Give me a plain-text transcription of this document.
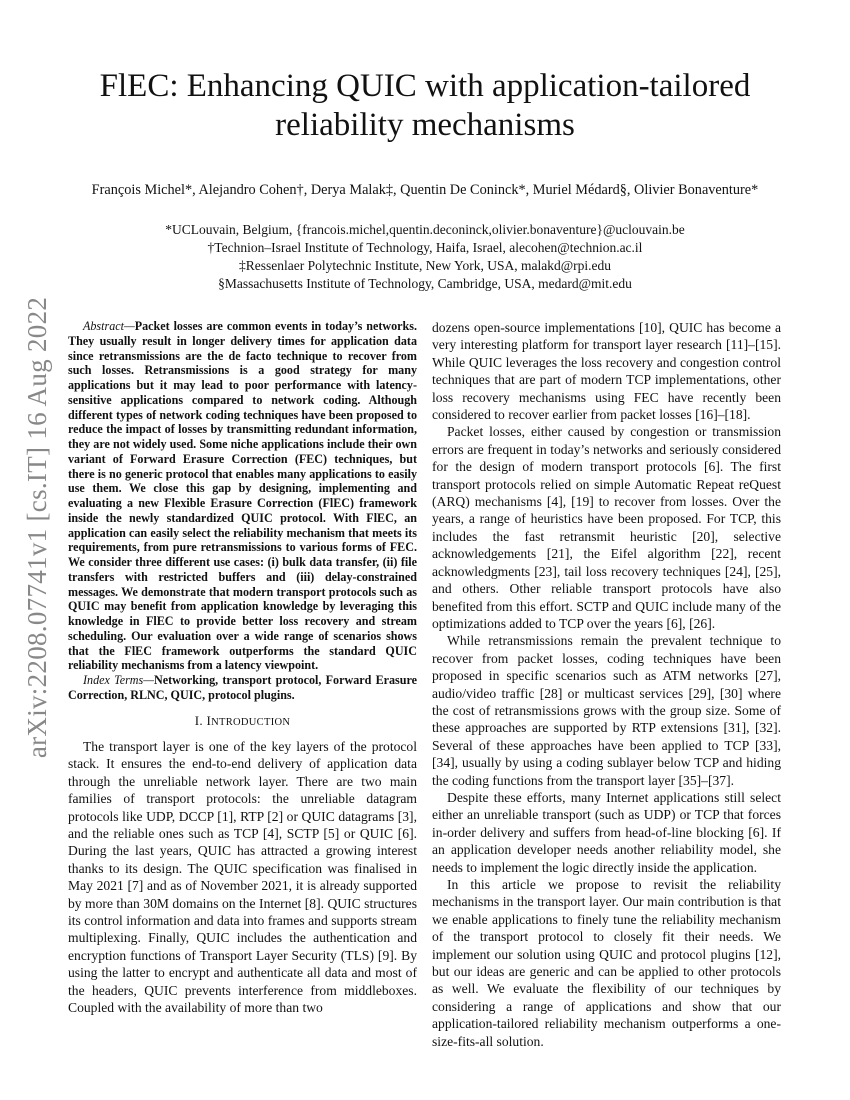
arXiv:2208.07741v1 [cs.IT] 16 Aug 2022
FlEC: Enhancing QUIC with application-tailored reliability mechanisms
François Michel*, Alejandro Cohen†, Derya Malak‡, Quentin De Coninck*, Muriel Médard§, Olivier Bonaventure*
*UCLouvain, Belgium, {francois.michel,quentin.deconinck,olivier.bonaventure}@uclouvain.be
†Technion–Israel Institute of Technology, Haifa, Israel, alecohen@technion.ac.il
‡Ressenlaer Polytechnic Institute, New York, USA, malakd@rpi.edu
§Massachusetts Institute of Technology, Cambridge, USA, medard@mit.edu

Abstract—Packet losses are common events in today’s networks. They usually result in longer delivery times for application data since retransmissions are the de facto technique to recover from such losses. Retransmissions is a good strategy for many applications but it may lead to poor performance with latency-sensitive applications compared to network coding. Although different types of network coding techniques have been proposed to reduce the impact of losses by transmitting redundant information, they are not widely used. Some niche applications include their own variant of Forward Erasure Correction (FEC) techniques, but there is no generic protocol that enables many applications to easily use them. We close this gap by designing, implementing and evaluating a new Flexible Erasure Correction (FlEC) framework inside the newly standardized QUIC protocol. With FlEC, an application can easily select the reliability mechanism that meets its requirements, from pure retransmissions to various forms of FEC. We consider three different use cases: (i) bulk data transfer, (ii) file transfers with restricted buffers and (iii) delay-constrained messages. We demonstrate that modern transport protocols such as QUIC may benefit from application knowledge by leveraging this knowledge in FlEC to provide better loss recovery and stream scheduling. Our evaluation over a wide range of scenarios shows that the FlEC framework outperforms the standard QUIC reliability mechanisms from a latency viewpoint.

Index Terms—Networking, transport protocol, Forward Erasure Correction, RLNC, QUIC, protocol plugins.

I. INTRODUCTION

The transport layer is one of the key layers of the protocol stack. It ensures the end-to-end delivery of application data through the unreliable network layer. There are two main families of transport protocols: the unreliable datagram protocols like UDP, DCCP [1], RTP [2] or QUIC datagrams [3], and the reliable ones such as TCP [4], SCTP [5] or QUIC [6]. During the last years, QUIC has attracted a growing interest thanks to its design. The QUIC specification was finalised in May 2021 [7] and as of November 2021, it is already supported by more than 30M domains on the Internet [8]. QUIC structures its control information and data into frames and supports stream multiplexing. Finally, QUIC includes the authentication and encryption functions of Transport Layer Security (TLS) [9]. By using the latter to encrypt and authenticate all data and most of the headers, QUIC prevents interference from middleboxes. Coupled with the availability of more than two

dozens open-source implementations [10], QUIC has become a very interesting platform for transport layer research [11]–[15]. While QUIC leverages the loss recovery and congestion control techniques that are part of modern TCP implementations, other loss recovery mechanisms using FEC have recently been considered to recover earlier from packet losses [16]–[18].

Packet losses, either caused by congestion or transmission errors are frequent in today’s networks and seriously considered for the design of modern transport protocols [6]. The first transport protocols relied on simple Automatic Repeat reQuest (ARQ) mechanisms [4], [19] to recover from losses. Over the years, a range of heuristics have been proposed. For TCP, this includes the fast retransmit heuristic [20], selective acknowledgements [21], the Eifel algorithm [22], recent acknowledgments [23], tail loss recovery techniques [24], [25], and others. Other reliable transport protocols have also benefited from this effort. SCTP and QUIC include many of the optimizations added to TCP over the years [6], [26].

While retransmissions remain the prevalent technique to recover from packet losses, coding techniques have been proposed in specific scenarios such as ATM networks [27], audio/video traffic [28] or multicast services [29], [30] where the cost of retransmissions grows with the group size. Some of these approaches are supported by RTP extensions [31], [32]. Several of these approaches have been applied to TCP [33], [34], usually by using a coding sublayer below TCP and hiding the coding functions from the transport layer [35]–[37].

Despite these efforts, many Internet applications still select either an unreliable transport (such as UDP) or TCP that forces in-order delivery and suffers from head-of-line blocking [6]. If an application developer needs another reliability model, she needs to implement the logic directly inside the application.

In this article we propose to revisit the reliability mechanisms in the transport layer. Our main contribution is that we enable applications to finely tune the reliability mechanism of the transport protocol to closely fit their needs. We implement our solution using QUIC and protocol plugins [12], but our ideas are generic and can be applied to other protocols as well. We evaluate the flexibility of our techniques by considering a range of applications and show that our application-tailored reliability mechanism outperforms a one-size-fits-all solution.
